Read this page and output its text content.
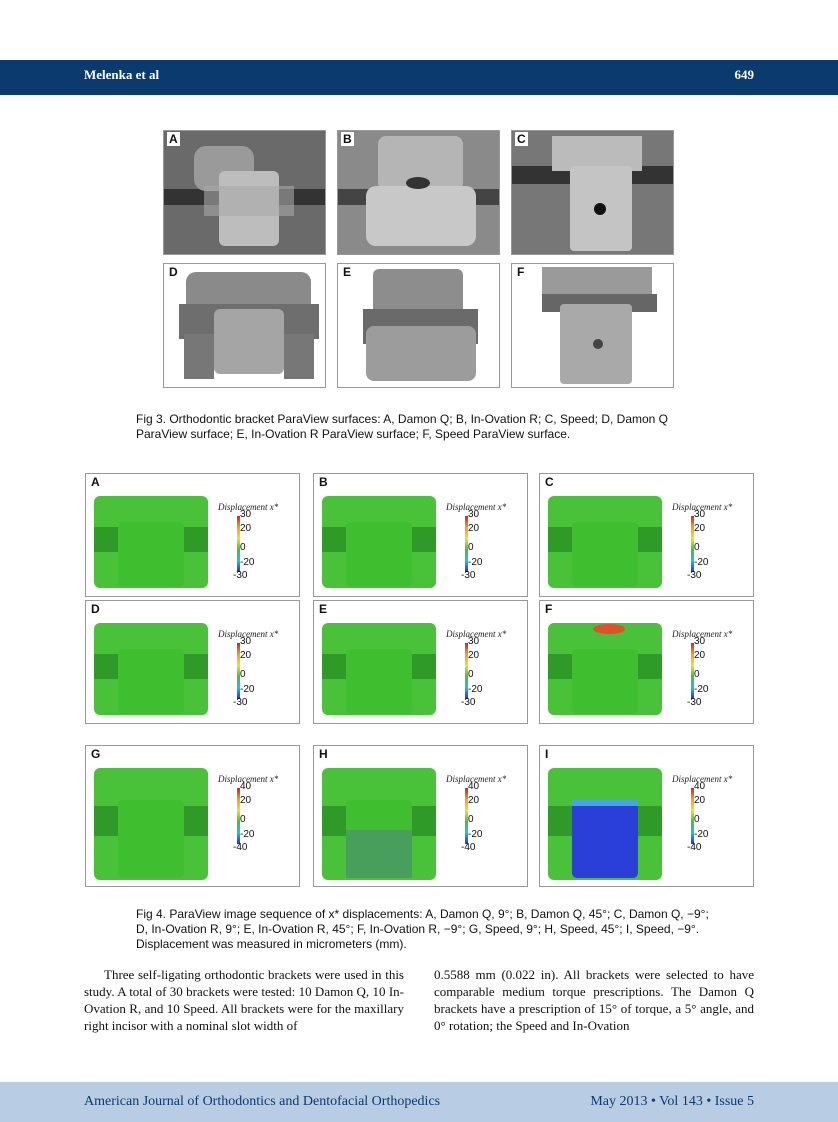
Melenka et al	649
A	B	C
D	E	F
Fig 3. Orthodontic bracket ParaView surfaces: A, Damon Q; B, In-Ovation R; C, Speed; D, Damon Q ParaView surface; E, In-Ovation R ParaView surface; F, Speed ParaView surface.
A
Displacement x*
30
20
0
-20
-30
B
Displacement x*
30
20
0
-20
-30
C
Displacement x*
30
20
0
-20
-30
D
Displacement x*
30
20
0
-20
-30
E
Displacement x*
30
20
0
-20
-30
F
Displacement x*
30
20
0
-20
-30
G
Displacement x*
40
20
0
-20
-40
H
Displacement x*
40
20
0
-20
-40
I
Displacement x*
40
20
0
-20
-40
Fig 4. ParaView image sequence of x* displacements: A, Damon Q, 9°; B, Damon Q, 45°; C, Damon Q, −9°; D, In-Ovation R, 9°; E, In-Ovation R, 45°; F, In-Ovation R, −9°; G, Speed, 9°; H, Speed, 45°; I, Speed, −9°. Displacement was measured in micrometers (mm).
Three self-ligating orthodontic brackets were used in this study. A total of 30 brackets were tested: 10 Damon Q, 10 In-Ovation R, and 10 Speed. All brackets were for the maxillary right incisor with a nominal slot width of
0.5588 mm (0.022 in). All brackets were selected to have comparable medium torque prescriptions. The Damon Q brackets have a prescription of 15° of torque, a 5° angle, and 0° rotation; the Speed and In-Ovation
American Journal of Orthodontics and Dentofacial Orthopedics	May 2013 • Vol 143 • Issue 5
